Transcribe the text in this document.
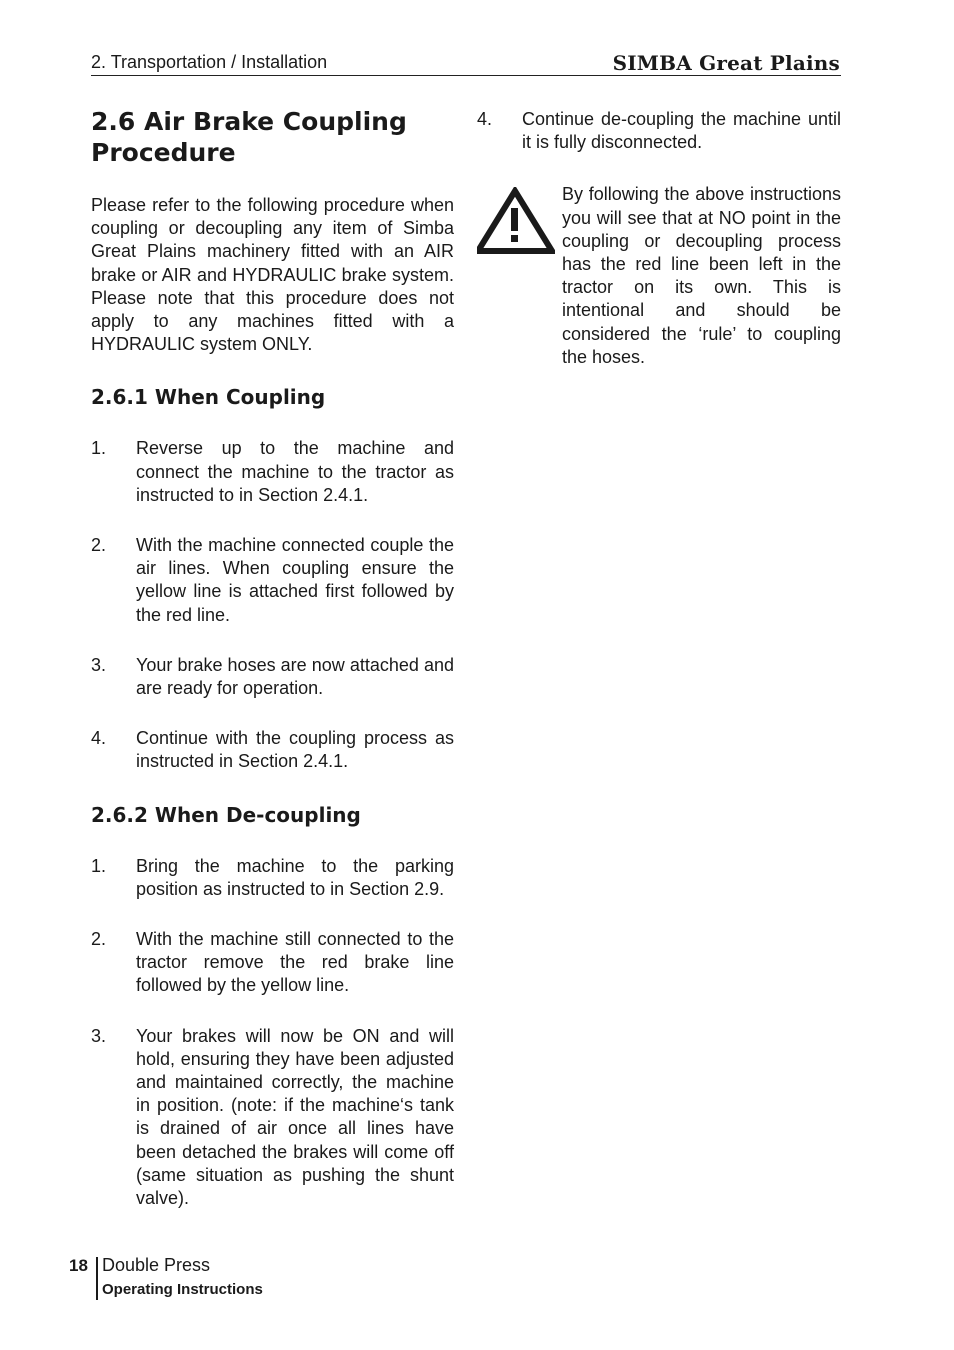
2. Transportation / Installation	SIMBA Great Plains
2.6 Air Brake Coupling
Procedure

Please refer to the following procedure when coupling or decoupling any item of Simba Great Plains machinery fitted with an AIR brake or AIR and HYDRAULIC brake system. Please note that this procedure does not apply to any machines fitted with a HYDRAULIC system ONLY.

2.6.1 When Coupling
1.	Reverse up to the machine and connect the machine to the tractor as instructed to in Section 2.4.1.
2.	With the machine connected couple the air lines. When coupling ensure the yellow line is attached first followed by the red line.
3.	Your brake hoses are now attached and are ready for operation.
4.	Continue with the coupling process as instructed in Section 2.4.1.
2.6.2 When De-coupling
1.	Bring the machine to the parking position as instructed to in Section 2.9.
2.	With the machine still connected to the tractor remove the red brake line followed by the yellow line.
3.	Your brakes will now be ON and will hold, ensuring they have been adjusted and maintained correctly, the machine in position. (note: if the machine‘s tank is drained of air once all lines have been detached the brakes will come off (same situation as pushing the shunt valve).
4.	Continue de-coupling the machine until it is fully disconnected.
By following the above instructions you will see that at NO point in the coupling or decoupling process has the red line been left in the tractor on its own. This is intentional and should be considered the ‘rule’ to coupling the hoses.
18 Double Press
Operating Instructions
